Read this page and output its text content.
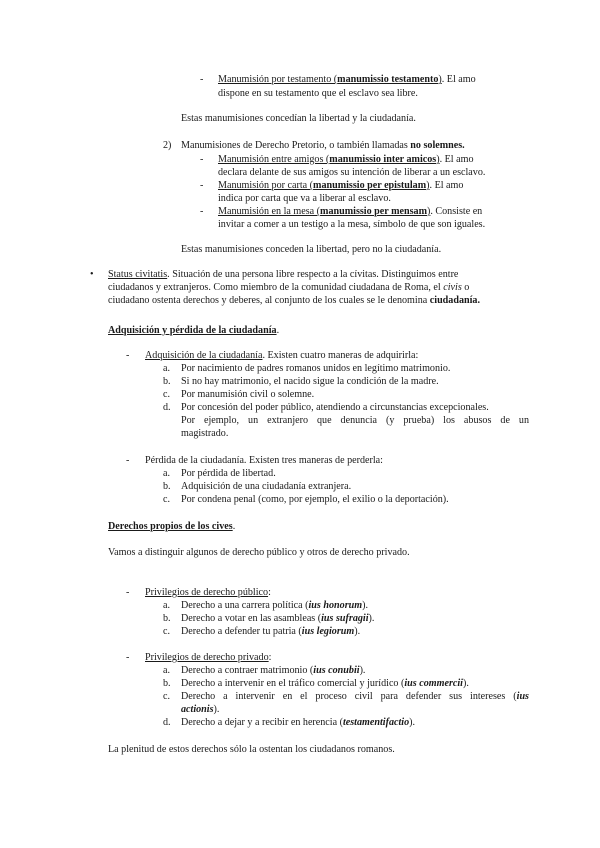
- Manumisión por testamento (manumissio testamento). El amo
dispone en su testamento que el esclavo sea libre.
Estas manumisiones concedían la libertad y la ciudadanía.
2) Manumisiones de Derecho Pretorio, o también llamadas no solemnes.
- Manumisión entre amigos (manumissio inter amicos). El amo
declara delante de sus amigos su intención de liberar a un esclavo.
- Manumisión por carta (manumissio per epistulam). El amo
indica por carta que va a liberar al esclavo.
- Manumisión en la mesa (manumissio per mensam). Consiste en
invitar a comer a un testigo a la mesa, símbolo de que son iguales.
Estas manumisiones conceden la libertad, pero no la ciudadanía.
• Status civitatis. Situación de una persona libre respecto a la cívitas. Distinguimos entre
ciudadanos y extranjeros. Como miembro de la comunidad ciudadana de Roma, el civis o
ciudadano ostenta derechos y deberes, al conjunto de los cuales se le denomina ciudadanía.
Adquisición y pérdida de la ciudadanía.
- Adquisición de la ciudadanía. Existen cuatro maneras de adquirirla:
a. Por nacimiento de padres romanos unidos en legítimo matrimonio.
b. Si no hay matrimonio, el nacido sigue la condición de la madre.
c. Por manumisión civil o solemne.
d. Por concesión del poder público, atendiendo a circunstancias excepcionales.
Por ejemplo, un extranjero que denuncia (y prueba) los abusos de un
magistrado.
- Pérdida de la ciudadanía. Existen tres maneras de perderla:
a. Por pérdida de libertad.
b. Adquisición de una ciudadanía extranjera.
c. Por condena penal (como, por ejemplo, el exilio o la deportación).
Derechos propios de los cives.
Vamos a distinguir algunos de derecho público y otros de derecho privado.
- Privilegios de derecho público:
a. Derecho a una carrera política (ius honorum).
b. Derecho a votar en las asambleas (ius sufragii).
c. Derecho a defender tu patria (ius legiorum).
- Privilegios de derecho privado:
a. Derecho a contraer matrimonio (ius conubii).
b. Derecho a intervenir en el tráfico comercial y jurídico (ius commercii).
c. Derecho a intervenir en el proceso civil para defender sus intereses (ius
actionis).
d. Derecho a dejar y a recibir en herencia (testamentifactio).
La plenitud de estos derechos sólo la ostentan los ciudadanos romanos.
